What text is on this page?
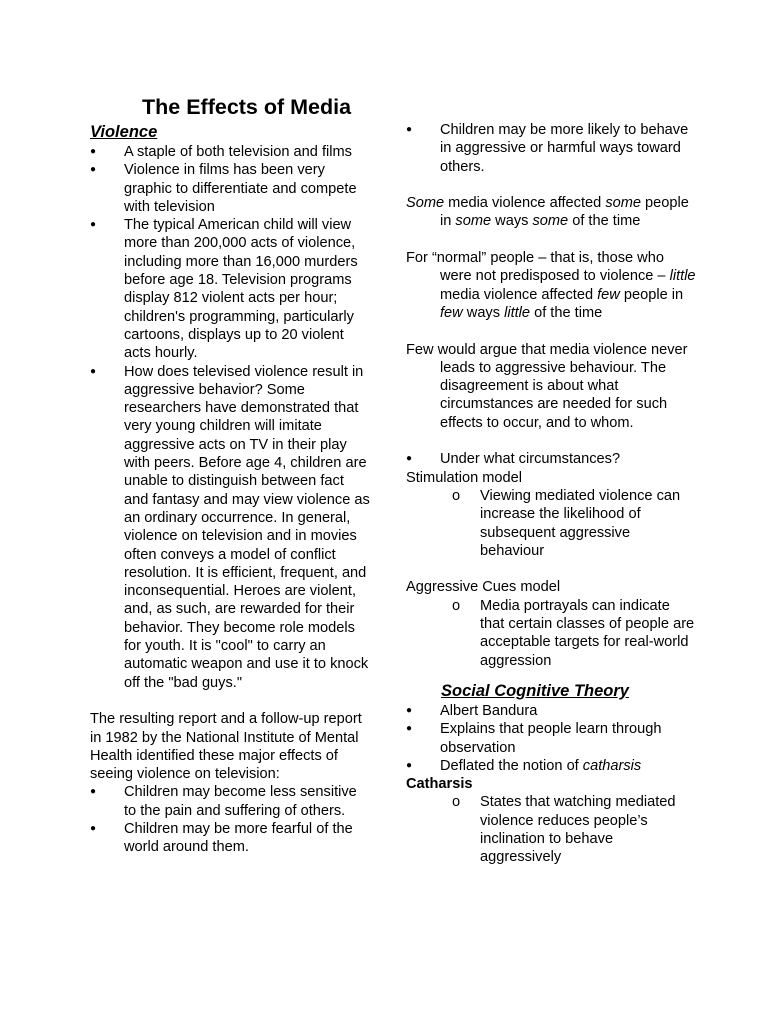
The Effects of Media
Violence
● A staple of both television and films
● Violence in films has been very graphic to differentiate and compete with television
● The typical American child will view more than 200,000 acts of violence, including more than 16,000 murders before age 18. Television programs display 812 violent acts per hour; children's programming, particularly cartoons, displays up to 20 violent acts hourly.
● How does televised violence result in aggressive behavior? Some researchers have demonstrated that very young children will imitate aggressive acts on TV in their play with peers. Before age 4, children are unable to distinguish between fact and fantasy and may view violence as an ordinary occurrence. In general, violence on television and in movies often conveys a model of conflict resolution. It is efficient, frequent, and inconsequential. Heroes are violent, and, as such, are rewarded for their behavior. They become role models for youth. It is "cool" to carry an automatic weapon and use it to knock off the "bad guys."

The resulting report and a follow-up report in 1982 by the National Institute of Mental Health identified these major effects of seeing violence on television:

● Children may become less sensitive to the pain and suffering of others.
● Children may be more fearful of the world around them.
● Children may be more likely to behave in aggressive or harmful ways toward others.

Some media violence affected some people in some ways some of the time

For “normal” people – that is, those who were not predisposed to violence – little media violence affected few people in few ways little of the time

Few would argue that media violence never leads to aggressive behaviour. The disagreement is about what circumstances are needed for such effects to occur, and to whom.

● Under what circumstances?

Stimulation model

o Viewing mediated violence can increase the likelihood of subsequent aggressive behaviour

Aggressive Cues model

o Media portrayals can indicate that certain classes of people are acceptable targets for real-world aggression
Social Cognitive Theory
● Albert Bandura
● Explains that people learn through observation
● Deflated the notion of catharsis

Catharsis

o States that watching mediated violence reduces people’s inclination to behave aggressively
